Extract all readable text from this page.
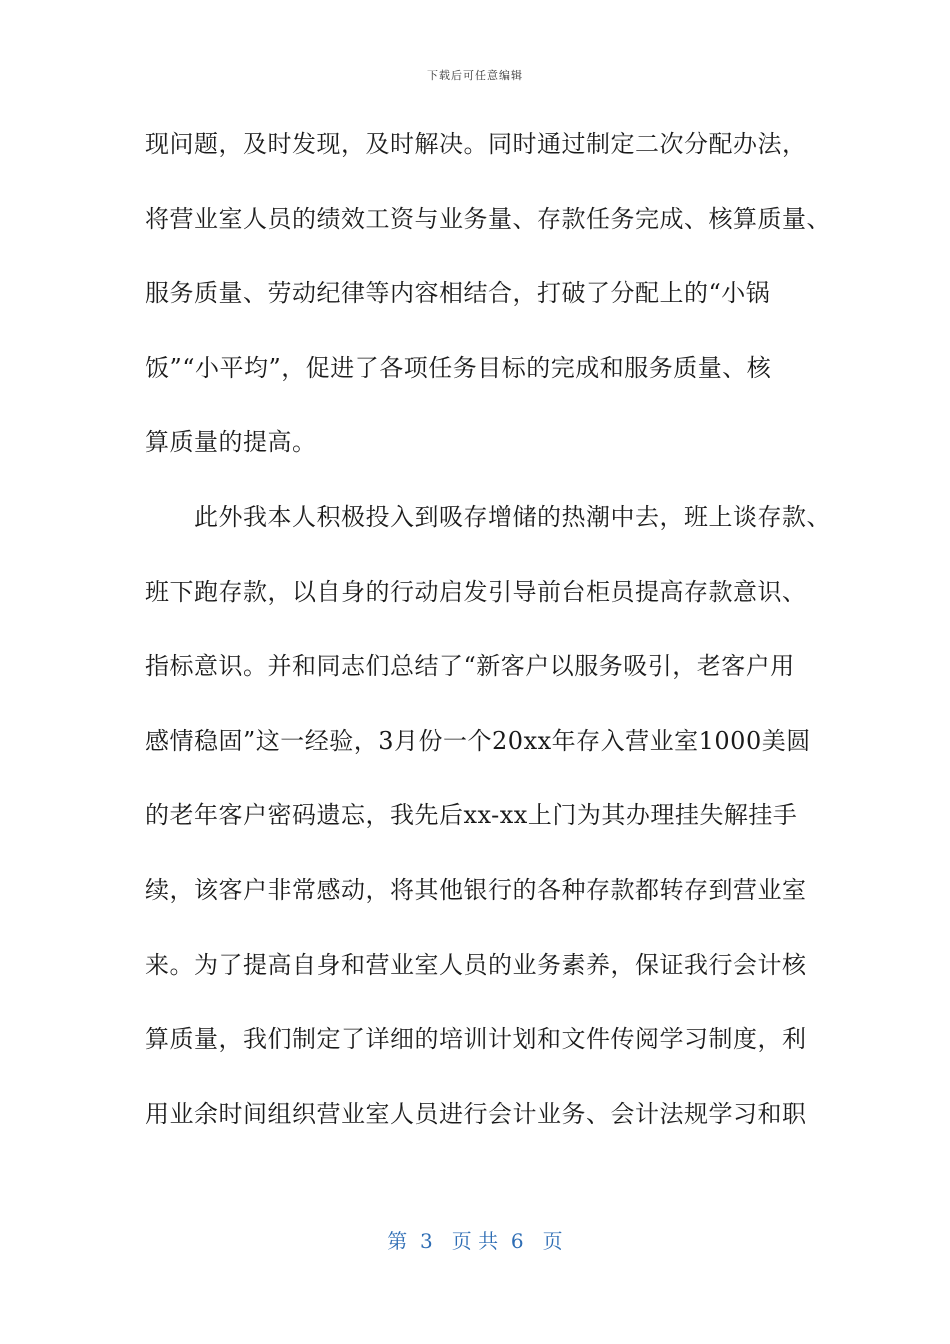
下载后可任意编辑
现问题，及时发现，及时解决。同时通过制定二次分配办法，
将营业室人员的绩效工资与业务量、存款任务完成、核算质量、
服务质量、劳动纪律等内容相结合，打破了分配上的“小锅
饭”“小平均”，促进了各项任务目标的完成和服务质量、核
算质量的提高。
　　此外我本人积极投入到吸存增储的热潮中去，班上谈存款、
班下跑存款，以自身的行动启发引导前台柜员提高存款意识、
指标意识。并和同志们总结了“新客户以服务吸引，老客户用
感情稳固”这一经验，3月份一个20xx年存入营业室1000美圆
的老年客户密码遗忘，我先后xx-xx上门为其办理挂失解挂手
续，该客户非常感动，将其他银行的各种存款都转存到营业室
来。为了提高自身和营业室人员的业务素养，保证我行会计核
算质量，我们制定了详细的培训计划和文件传阅学习制度，利
用业余时间组织营业室人员进行会计业务、会计法规学习和职
第  3   页 共  6   页
